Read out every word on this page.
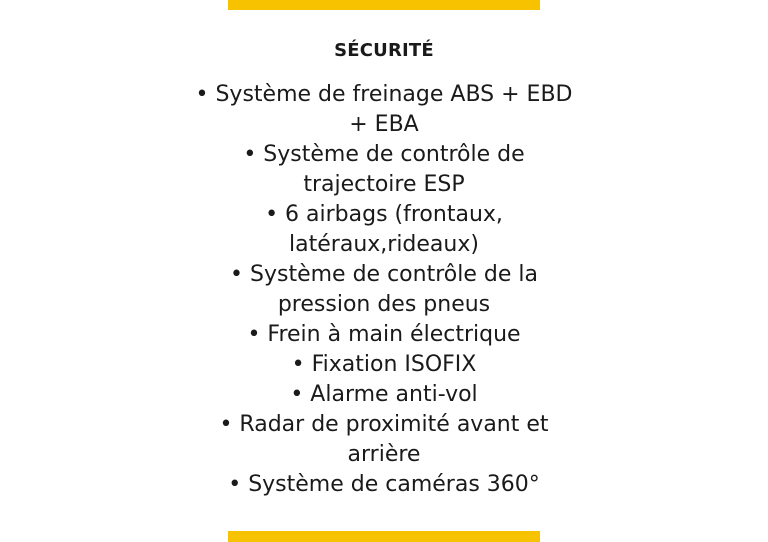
SÉCURITÉ
• Système de freinage ABS + EBD + EBA
• Système de contrôle de trajectoire ESP
• 6 airbags (frontaux, latéraux,rideaux)
• Système de contrôle de la pression des pneus
• Frein à main électrique
• Fixation ISOFIX
• Alarme anti-vol
• Radar de proximité avant et arrière
• Système de caméras 360°
